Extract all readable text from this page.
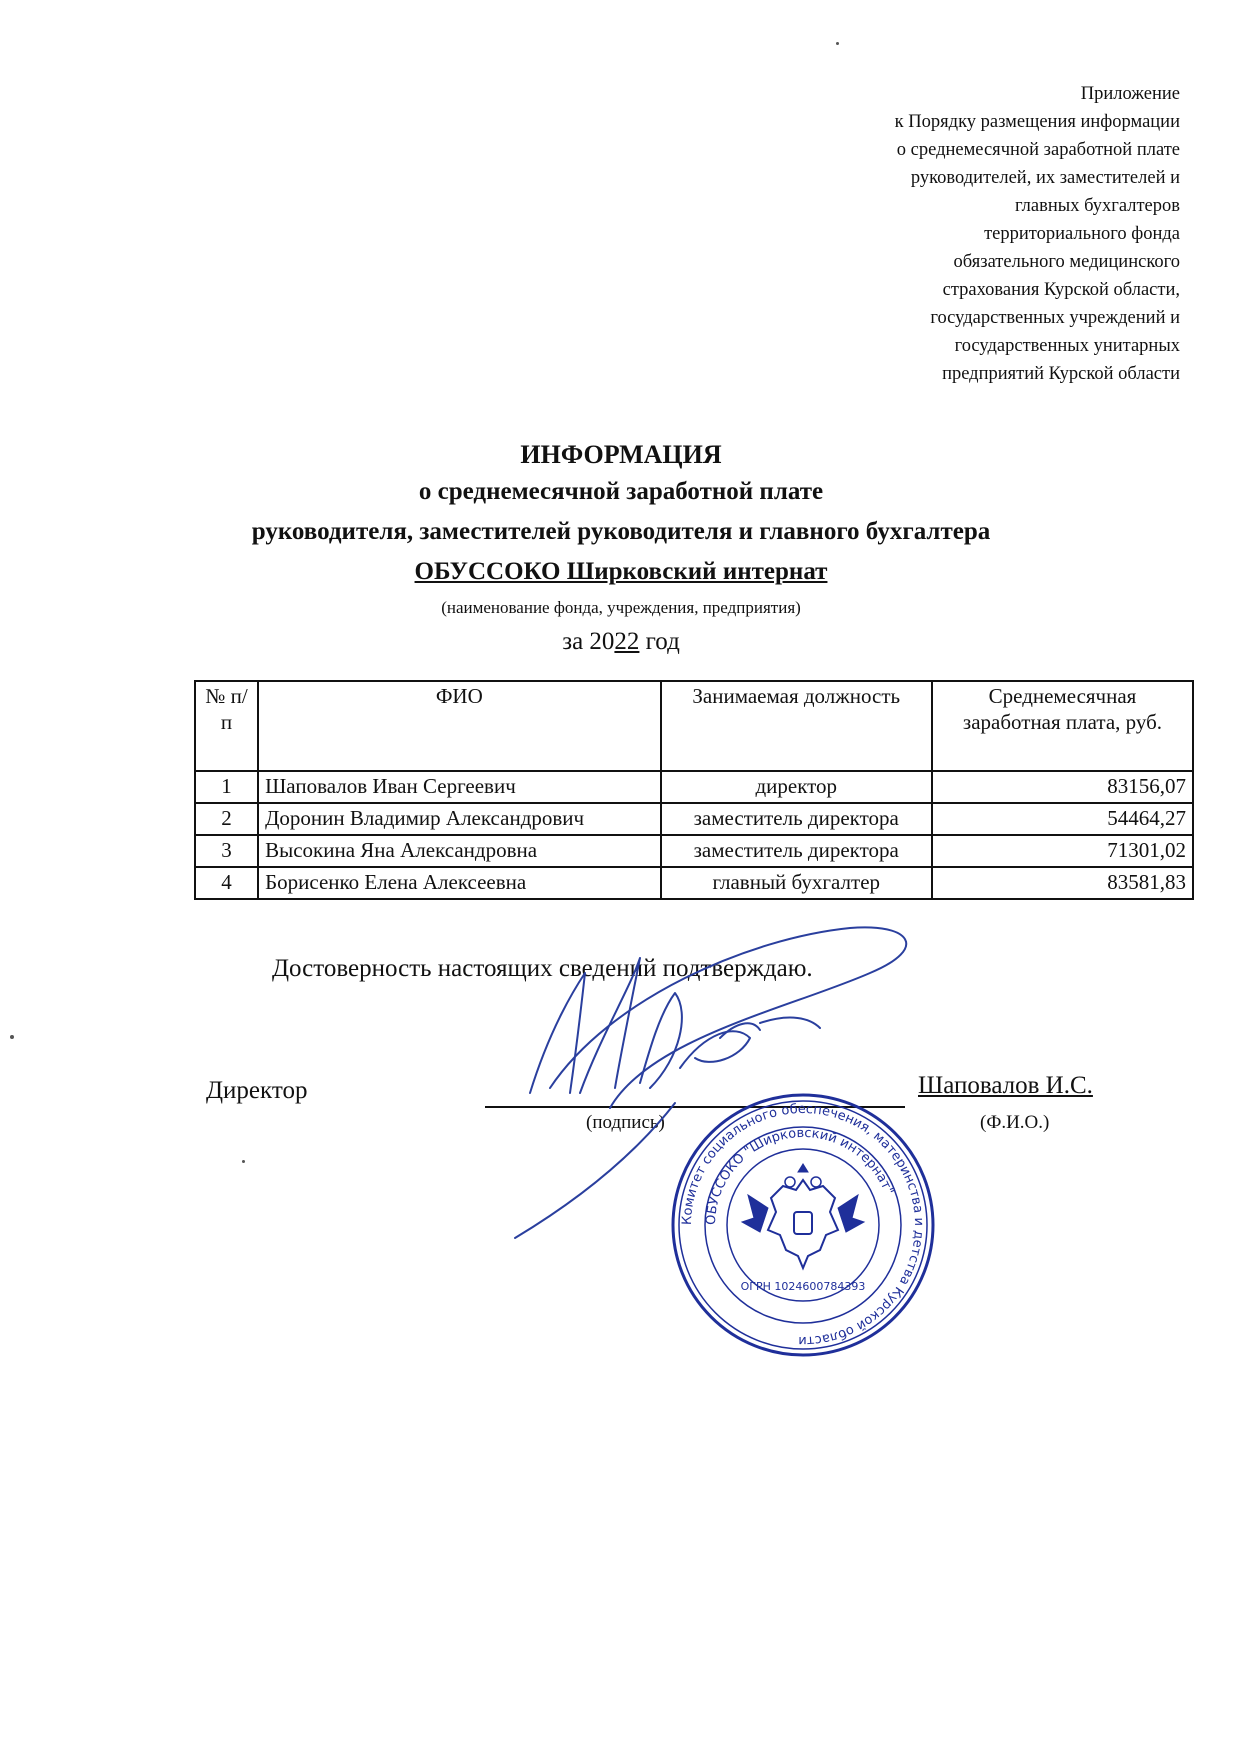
Приложение
к Порядку размещения информации
о среднемесячной заработной плате
руководителей, их заместителей и
главных бухгалтеров
территориального фонда
обязательного медицинского
страхования Курской области,
государственных учреждений и
государственных унитарных
предприятий Курской области
ИНФОРМАЦИЯ
о среднемесячной заработной плате
руководителя, заместителей руководителя и главного бухгалтера
ОБУССОКО Ширковский интернат
(наименование фонда, учреждения, предприятия)
за 2022 год
№ п/п	ФИО	Занимаемая должность	Среднемесячная заработная плата, руб.
1	Шаповалов Иван Сергеевич	директор	83156,07
2	Доронин Владимир Александрович	заместитель директора	54464,27
3	Высокина Яна Александровна	заместитель директора	71301,02
4	Борисенко Елена Алексеевна	главный бухгалтер	83581,83
Достоверность настоящих сведений подтверждаю.
Директор
(подпись)
Шаповалов И.С.
(Ф.И.О.)
Комитет социального обеспечения, материнства и детства Курской области
ОБУССОКО "Ширковский интернат"
ОГРН 1024600784393
